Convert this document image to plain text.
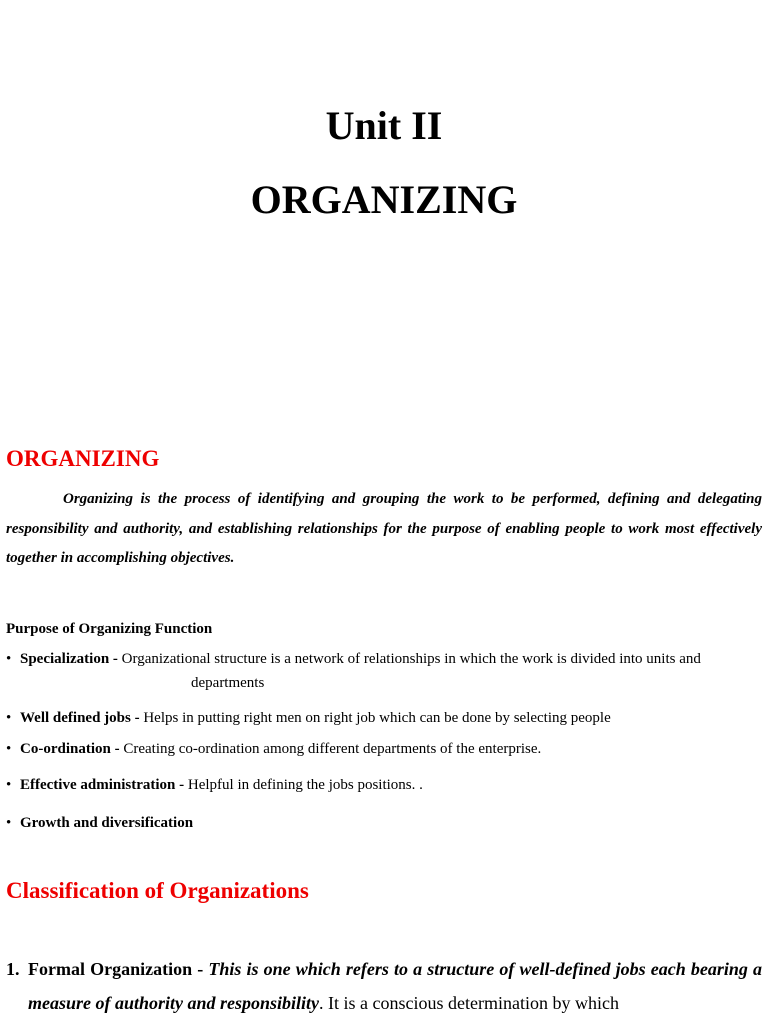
Unit II
ORGANIZING
ORGANIZING
Organizing is the process of identifying and grouping the work to be performed, defining and delegating responsibility and authority, and establishing relationships for the purpose of enabling people to work most effectively together in accomplishing objectives.
Purpose of Organizing Function
• Specialization - Organizational structure is a network of relationships in which the work is divided into units and
departments
• Well defined jobs - Helps in putting right men on right job which can be done by selecting people
• Co-ordination - Creating co-ordination among different departments of the enterprise.
• Effective administration - Helpful in defining the jobs positions. .
• Growth and diversification
Classification of Organizations
1. Formal Organization - This is one which refers to a structure of well-defined jobs each bearing a measure of authority and responsibility. It is a conscious determination by which
